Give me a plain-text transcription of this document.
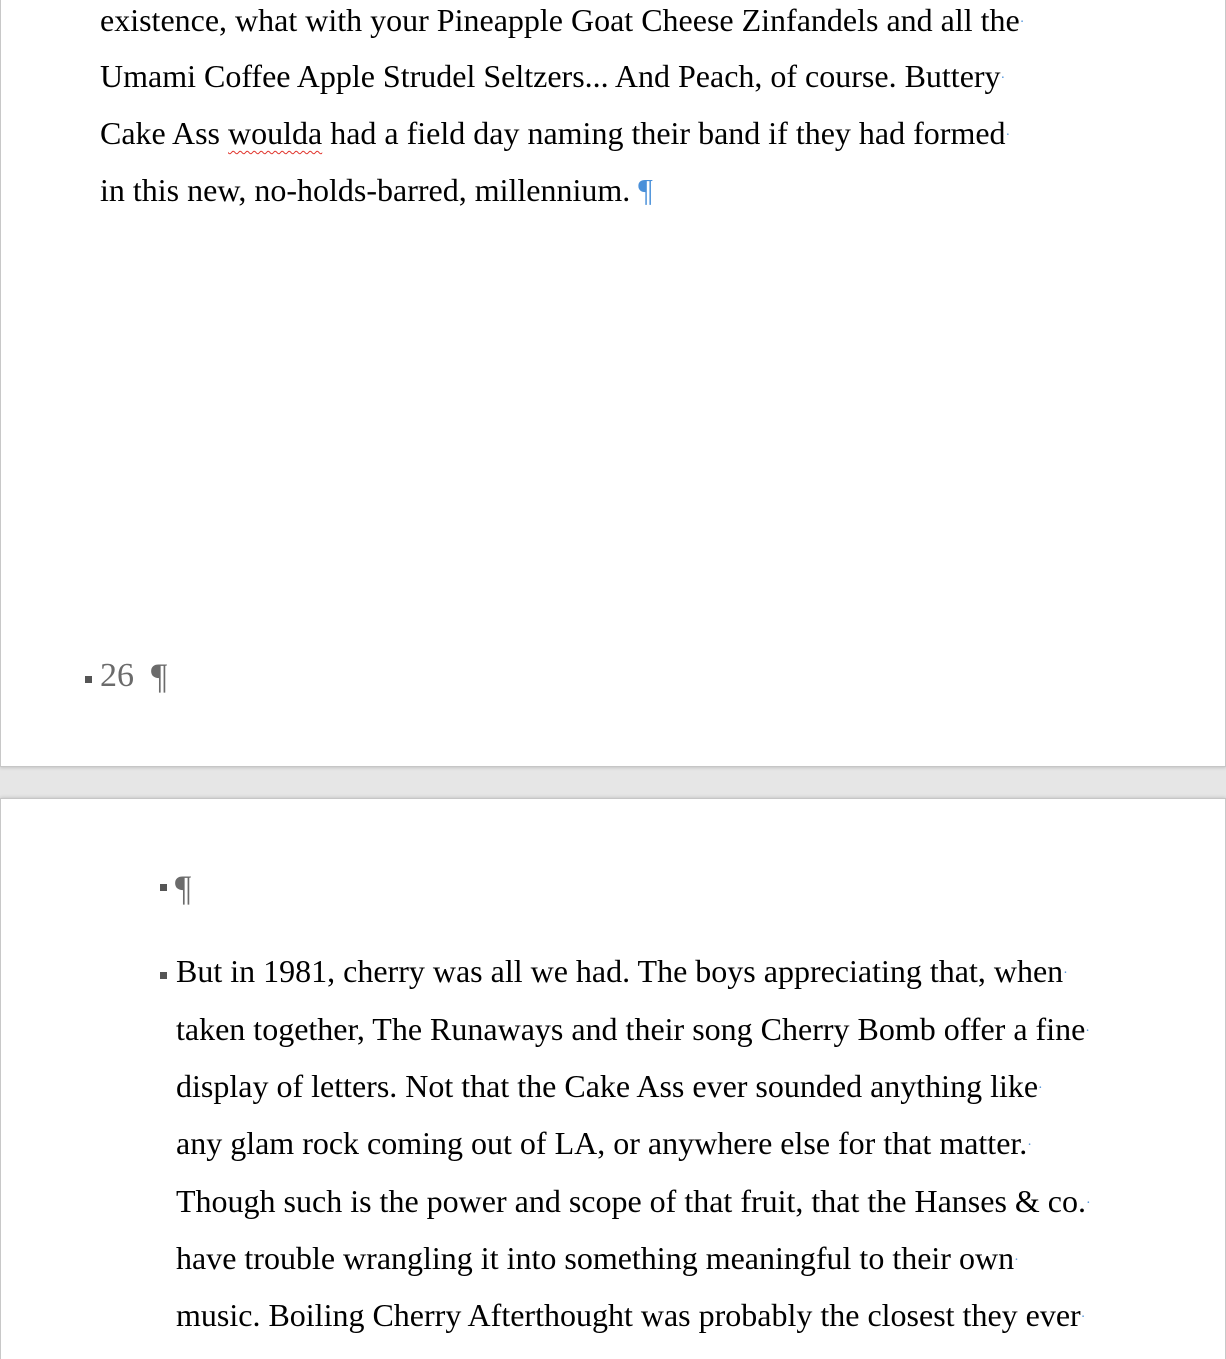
existence, what with your Pineapple Goat Cheese Zinfandels and all the·
Umami Coffee Apple Strudel Seltzers... And Peach, of course. Buttery·
Cake Ass woulda had a field day naming their band if they had formed·
in this new, no-holds-barred, millennium. ¶
26 ¶
¶
But in 1981, cherry was all we had. The boys appreciating that, when·
taken together, The Runaways and their song Cherry Bomb offer a fine·
display of letters. Not that the Cake Ass ever sounded anything like·
any glam rock coming out of LA, or anywhere else for that matter.·
Though such is the power and scope of that fruit, that the Hanses & co.·
have trouble wrangling it into something meaningful to their own·
music. Boiling Cherry Afterthought was probably the closest they ever·
